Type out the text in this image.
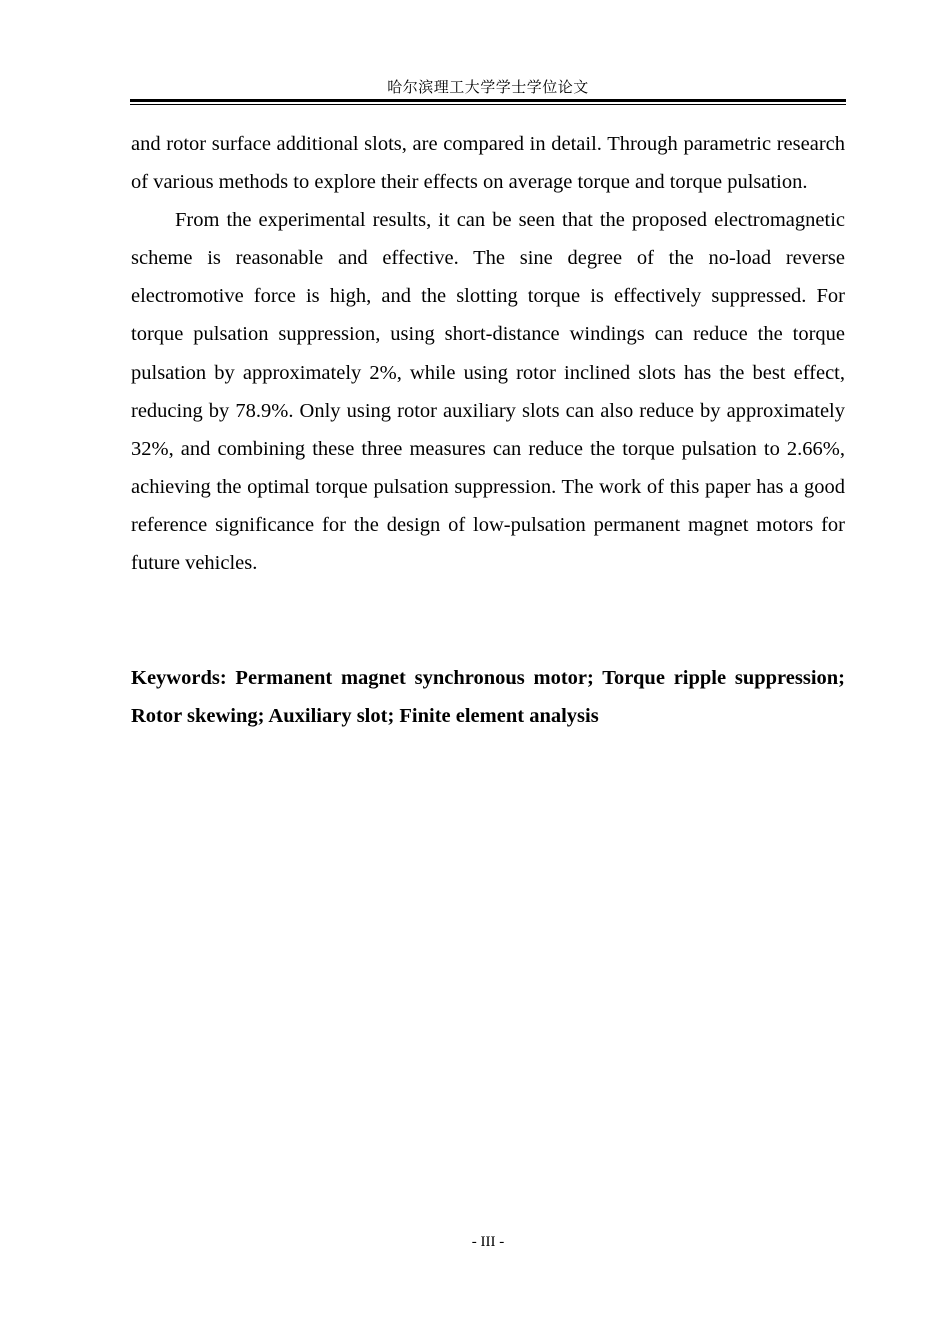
哈尔滨理工大学学士学位论文

and rotor surface additional slots, are compared in detail. Through parametric research of various methods to explore their effects on average torque and torque pulsation.

From the experimental results, it can be seen that the proposed electromagnetic scheme is reasonable and effective. The sine degree of the no-load reverse electromotive force is high, and the slotting torque is effectively suppressed. For torque pulsation suppression, using short-distance windings can reduce the torque pulsation by approximately 2%, while using rotor inclined slots has the best effect, reducing by 78.9%. Only using rotor auxiliary slots can also reduce by approximately 32%, and combining these three measures can reduce the torque pulsation to 2.66%, achieving the optimal torque pulsation suppression. The work of this paper has a good reference significance for the design of low-pulsation permanent magnet motors for future vehicles.

Keywords: Permanent magnet synchronous motor; Torque ripple suppression; Rotor skewing; Auxiliary slot; Finite element analysis

- III -
